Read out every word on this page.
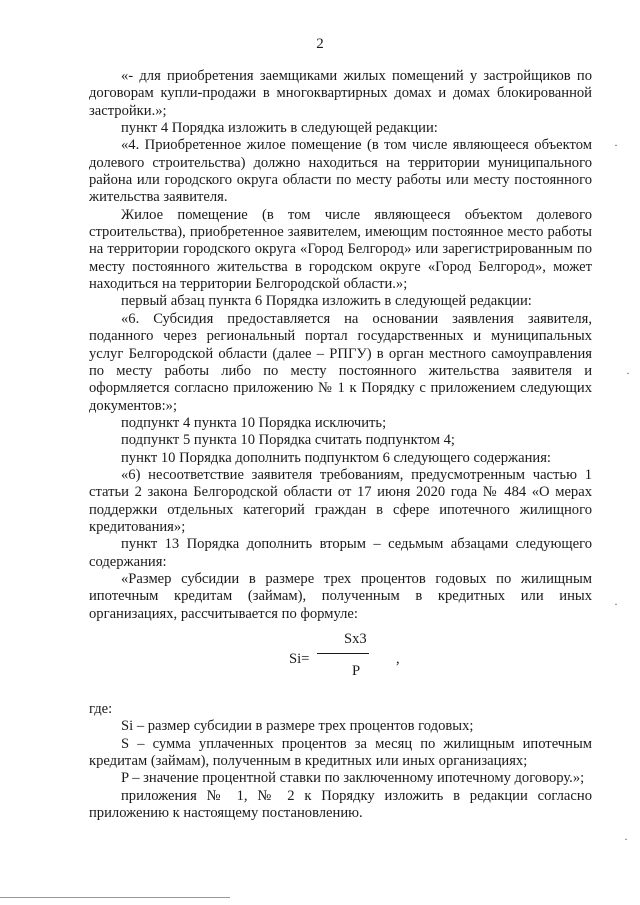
2

«- для приобретения заемщиками жилых помещений у застройщиков по договорам купли-продажи в многоквартирных домах и домах блокированной застройки.»;

пункт 4 Порядка изложить в следующей редакции:

«4. Приобретенное жилое помещение (в том числе являющееся объектом долевого строительства) должно находиться на территории муниципального района или городского округа области по месту работы или месту постоянного жительства заявителя.

Жилое помещение (в том числе являющееся объектом долевого строительства), приобретенное заявителем, имеющим постоянное место работы на территории городского округа «Город Белгород» или зарегистрированным по месту постоянного жительства в городском округе «Город Белгород», может находиться на территории Белгородской области.»;

первый абзац пункта 6 Порядка изложить в следующей редакции:

«6. Субсидия предоставляется на основании заявления заявителя, поданного через региональный портал государственных и муниципальных услуг Белгородской области (далее – РПГУ) в орган местного самоуправления по месту работы либо по месту постоянного жительства заявителя и оформляется согласно приложению № 1 к Порядку с приложением следующих документов:»;

подпункт 4 пункта 10 Порядка исключить;

подпункт 5 пункта 10 Порядка считать подпунктом 4;

пункт 10 Порядка дополнить подпунктом 6 следующего содержания:

«6) несоответствие заявителя требованиям, предусмотренным частью 1 статьи 2 закона Белгородской области от 17 июня 2020 года № 484 «О мерах поддержки отдельных категорий граждан в сфере ипотечного жилищного кредитования»;

пункт 13 Порядка дополнить вторым – седьмым абзацами следующего содержания:

«Размер субсидии в размере трех процентов годовых по жилищным ипотечным кредитам (займам), полученным в кредитных или иных организациях, рассчитывается по формуле:

Si=
Sx3
P
,

где:

Si – размер субсидии в размере трех процентов годовых;

S – сумма уплаченных процентов за месяц по жилищным ипотечным кредитам (займам), полученным в кредитных или иных организациях;

P – значение процентной ставки по заключенному ипотечному договору.»;

приложения № 1, № 2 к Порядку изложить в редакции согласно приложению к настоящему постановлению.

·
·
·
·
